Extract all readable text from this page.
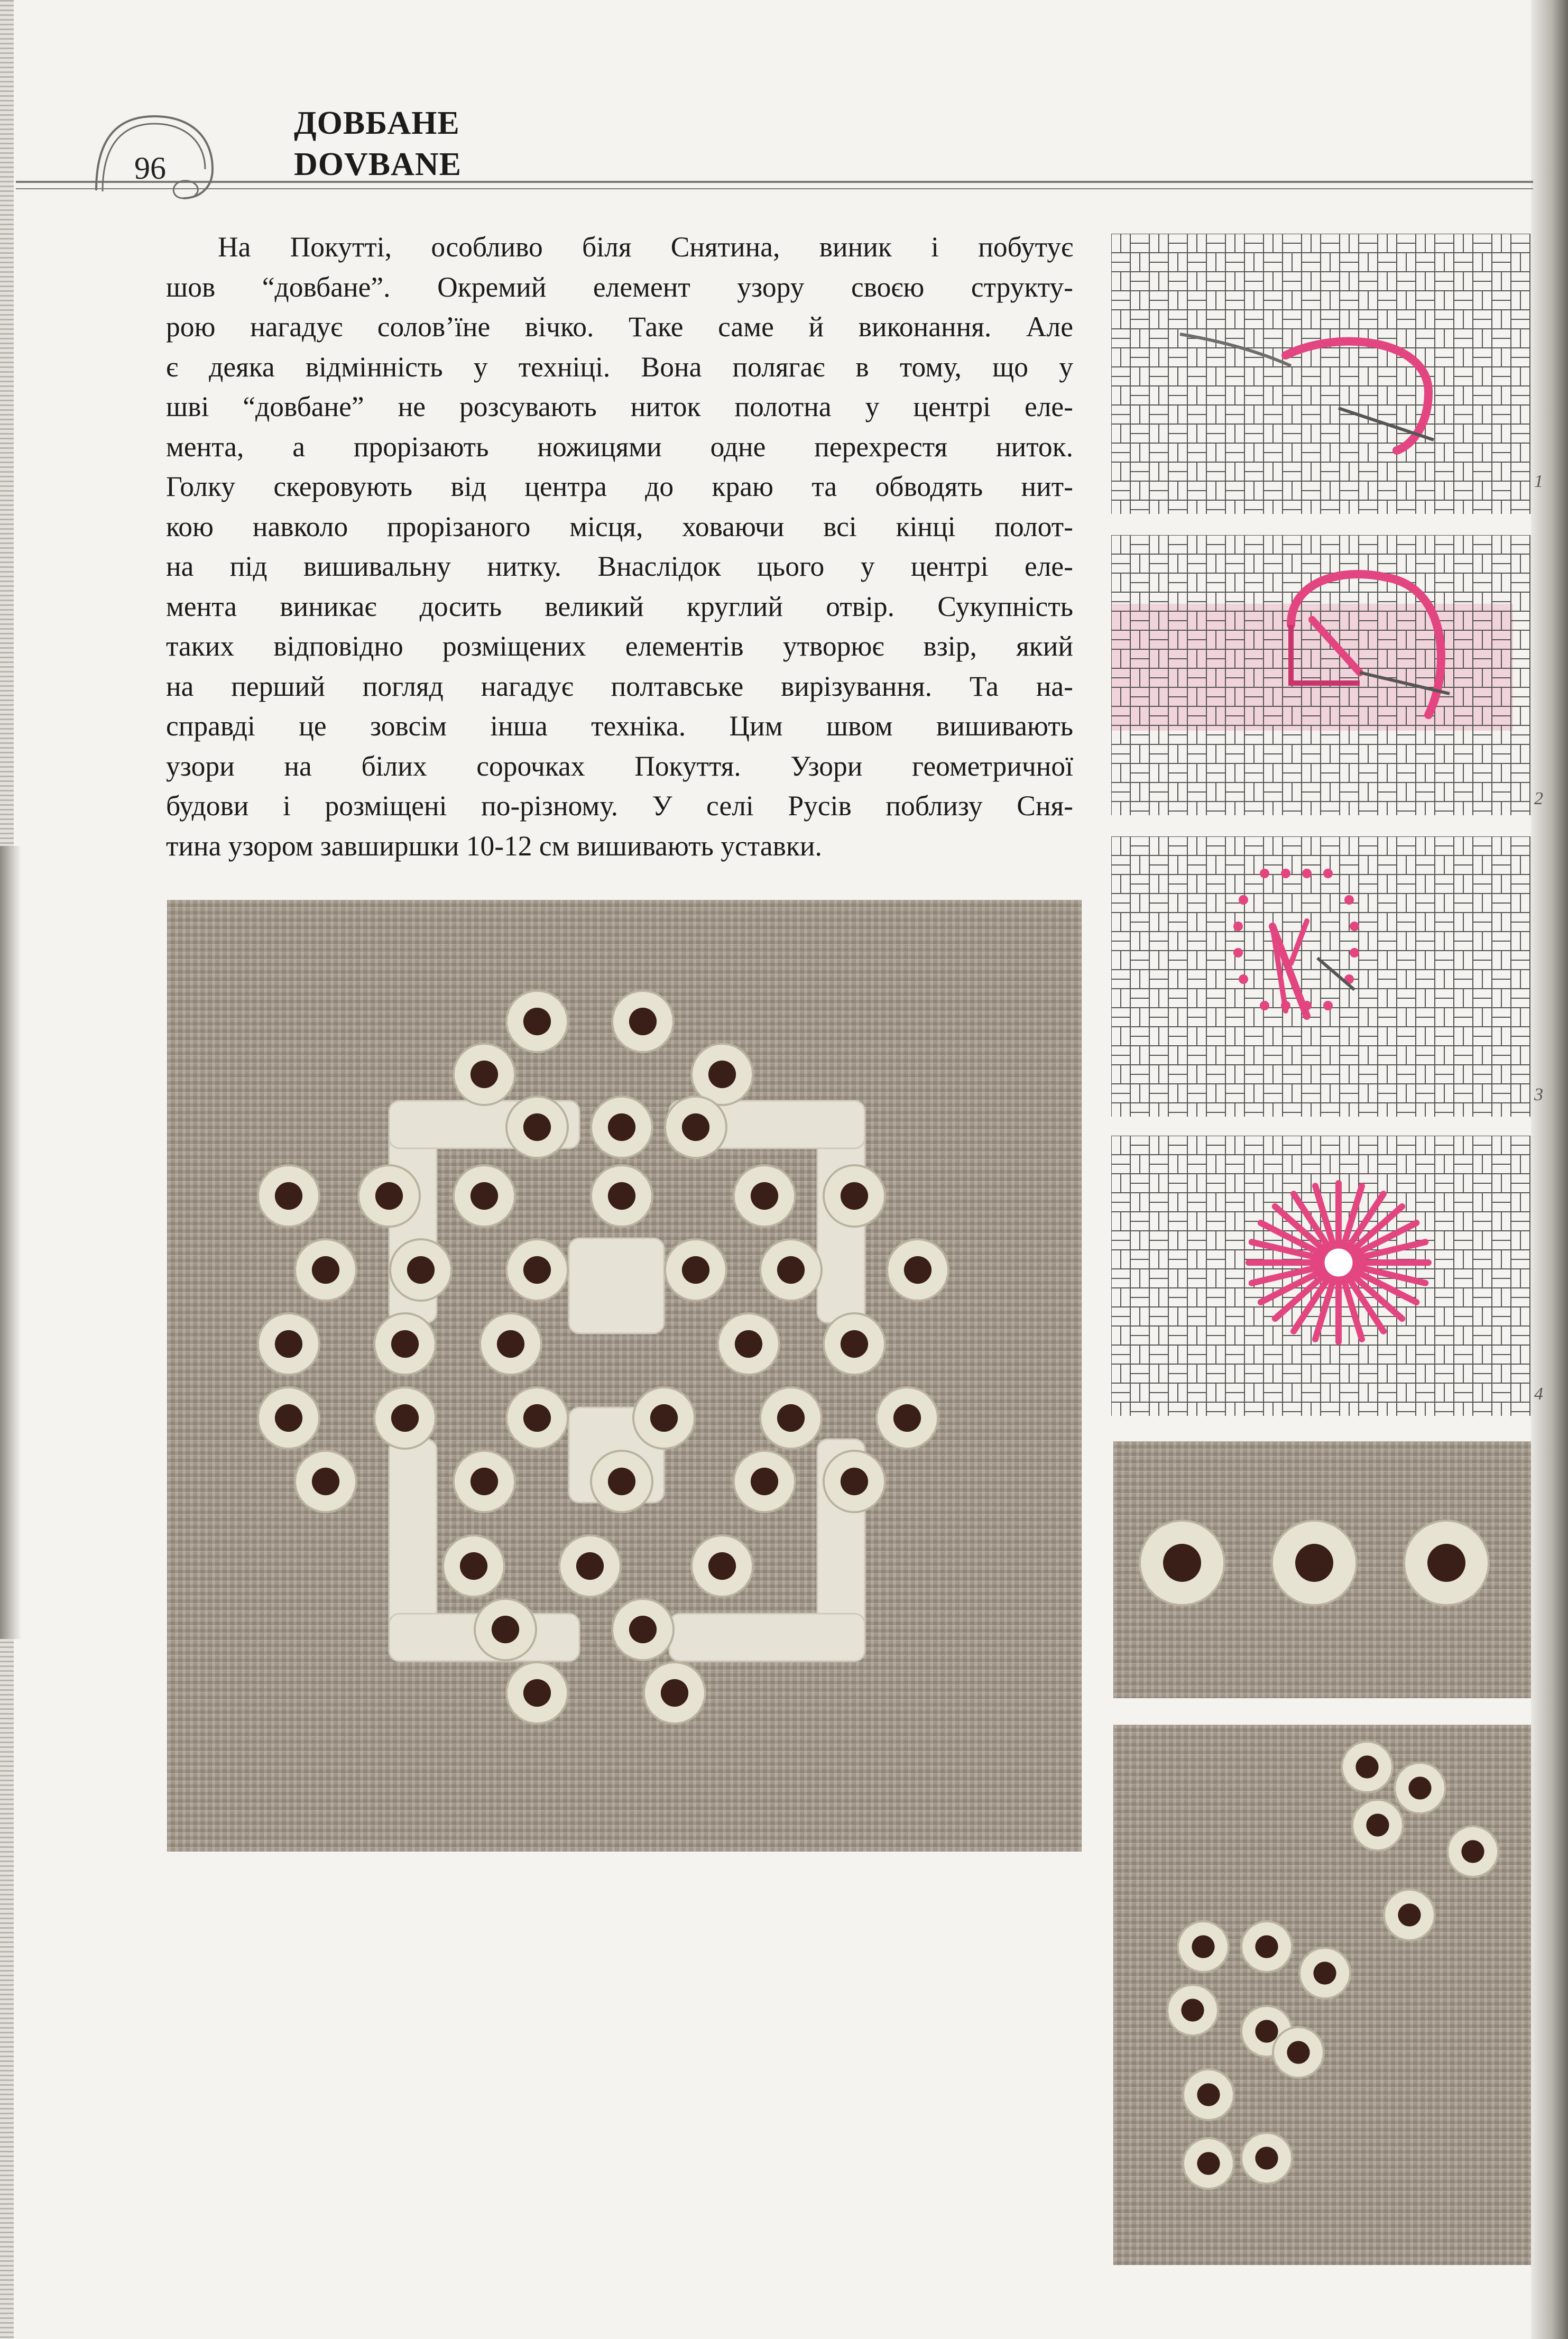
96
ДОВБАНЕ
DOVBANE
На Покутті, особливо біля Снятина, виник і побутує
шов “довбане”. Окремий елемент узору своєю структу-
рою нагадує солов’їне вічко. Таке саме й виконання. Але
є деяка відмінність у техніці. Вона полягає в тому, що у
шві “довбане” не розсувають ниток полотна у центрі еле-
мента, а прорізають ножицями одне перехрестя ниток.
Голку скеровують від центра до краю та обводять нит-
кою навколо прорізаного місця, ховаючи всі кінці полот-
на під вишивальну нитку. Внаслідок цього у центрі еле-
мента виникає досить великий круглий отвір. Сукупність
таких відповідно розміщених елементів утворює взір, який
на перший погляд нагадує полтавське вирізування. Та на-
справді це зовсім інша техніка. Цим швом вишивають
узори на білих сорочках Покуття. Узори геометричної
будови і розміщені по-різному. У селі Русів поблизу Сня-
тина узором завширшки 10-12 см вишивають уставки.
1
2
3
4
